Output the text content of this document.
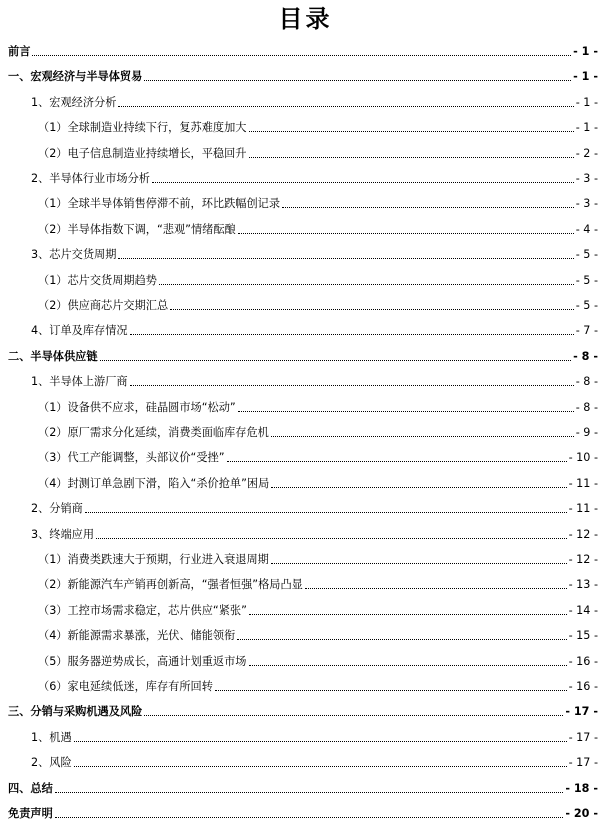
目录
前言	- 1 -
一、宏观经济与半导体贸易	- 1 -
1、宏观经济分析	- 1 -
（1）全球制造业持续下行，复苏难度加大	- 1 -
（2）电子信息制造业持续增长，平稳回升	- 2 -
2、半导体行业市场分析	- 3 -
（1）全球半导体销售停滞不前，环比跌幅创记录	- 3 -
（2）半导体指数下调，“悲观”情绪酝酿	- 4 -
3、芯片交货周期	- 5 -
（1）芯片交货周期趋势	- 5 -
（2）供应商芯片交期汇总	- 5 -
4、订单及库存情况	- 7 -
二、半导体供应链	- 8 -
1、半导体上游厂商	- 8 -
（1）设备供不应求，硅晶圆市场“松动”	- 8 -
（2）原厂需求分化延续，消费类面临库存危机	- 9 -
（3）代工产能调整，头部议价“受挫”	- 10 -
（4）封测订单急剧下滑，陷入“杀价抢单”困局	- 11 -
2、分销商	- 11 -
3、终端应用	- 12 -
（1）消费类跌速大于预期，行业进入衰退周期	- 12 -
（2）新能源汽车产销再创新高，“强者恒强”格局凸显	- 13 -
（3）工控市场需求稳定，芯片供应“紧张”	- 14 -
（4）新能源需求暴涨，光伏、储能领衔	- 15 -
（5）服务器逆势成长，高通计划重返市场	- 16 -
（6）家电延续低迷，库存有所回转	- 16 -
三、分销与采购机遇及风险	- 17 -
1、机遇	- 17 -
2、风险	- 17 -
四、总结	- 18 -
免责声明	- 20 -
